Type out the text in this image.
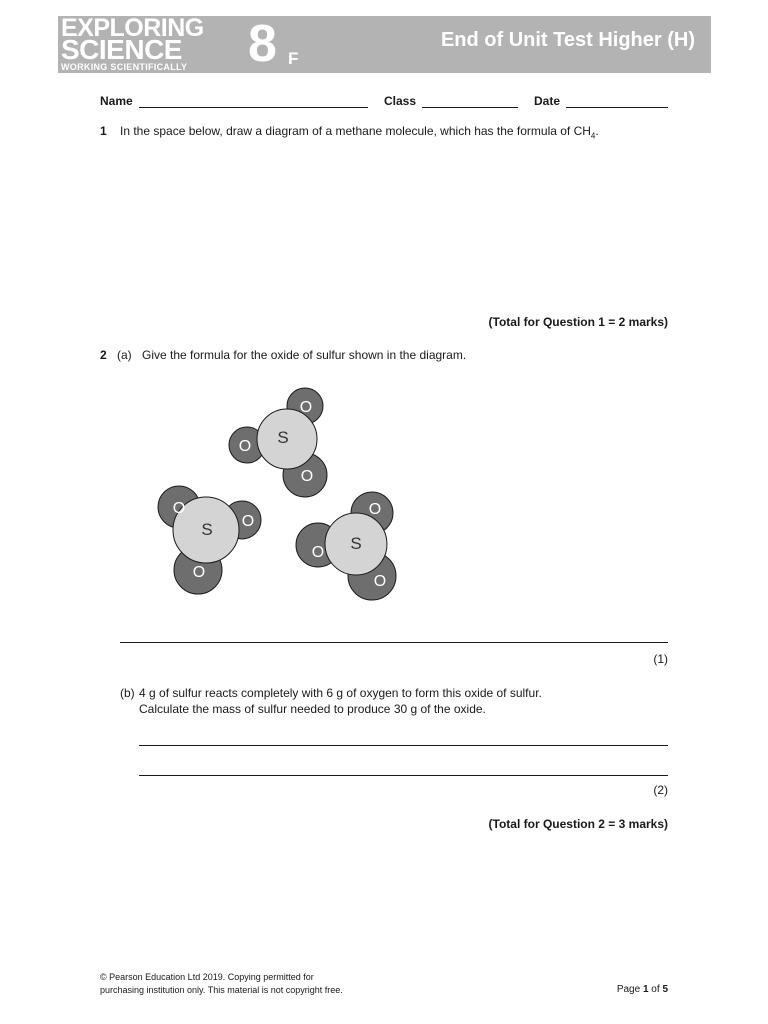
EXPLORING
SCIENCE
WORKING SCIENTIFICALLY 8 F
End of Unit Test Higher (H)
Name	Class	Date
1 In the space below, draw a diagram of a methane molecule, which has the formula of $CH_4$.
(Total for Question 1 = 2 marks)
2 (a) Give the formula for the oxide of sulfur shown in the diagram.
O
O
O
S
O
O
O
S
O
O
O
S
(1)
(b) 4 g of sulfur reacts completely with 6 g of oxygen to form this oxide of sulfur.
Calculate the mass of sulfur needed to produce 30 g of the oxide.
(2)
(Total for Question 2 = 3 marks)
© Pearson Education Ltd 2019. Copying permitted for
purchasing institution only. This material is not copyright free.	Page 1 of 5
